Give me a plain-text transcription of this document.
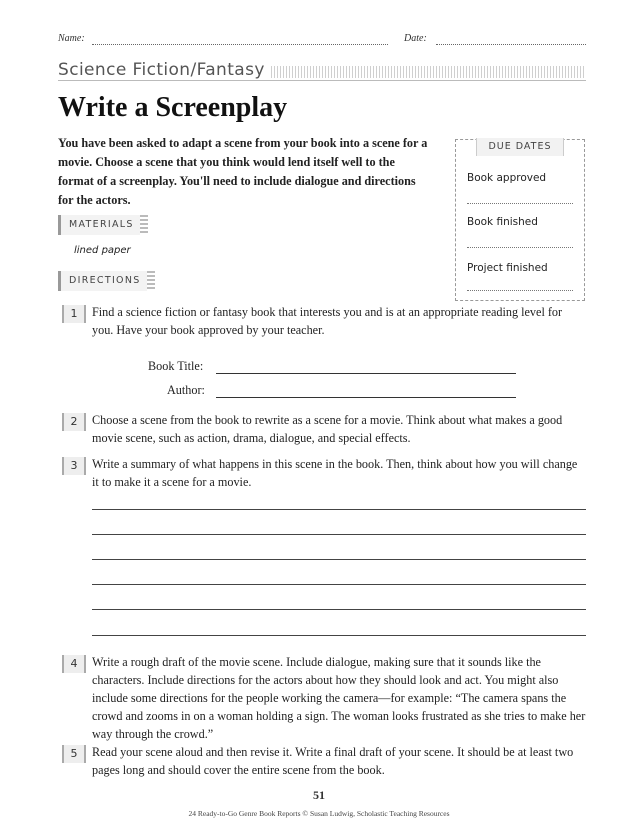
Name:	Date:
Science Fiction/Fantasy
Write a Screenplay
You have been asked to adapt a scene from your book into a scene for a movie. Choose a scene that you think would lend itself well to the format of a screenplay. You'll need to include dialogue and directions for the actors.
DUE DATES
Book approved
Book finished
Project finished
MATERIALS
lined paper
DIRECTIONS
1	Find a science fiction or fantasy book that interests you and is at an appropriate reading level for you. Have your book approved by your teacher.
Book Title:
Author:
2	Choose a scene from the book to rewrite as a scene for a movie. Think about what makes a good movie scene, such as action, drama, dialogue, and special effects.
3	Write a summary of what happens in this scene in the book. Then, think about how you will change it to make it a scene for a movie.
4	Write a rough draft of the movie scene. Include dialogue, making sure that it sounds like the characters. Include directions for the actors about how they should look and act. You might also include some directions for the people working the camera—for example: “The camera spans the crowd and zooms in on a woman holding a sign. The woman looks frustrated as she tries to make her way through the crowd.”
5	Read your scene aloud and then revise it. Write a final draft of your scene. It should be at least two pages long and should cover the entire scene from the book.
51
24 Ready-to-Go Genre Book Reports © Susan Ludwig, Scholastic Teaching Resources
